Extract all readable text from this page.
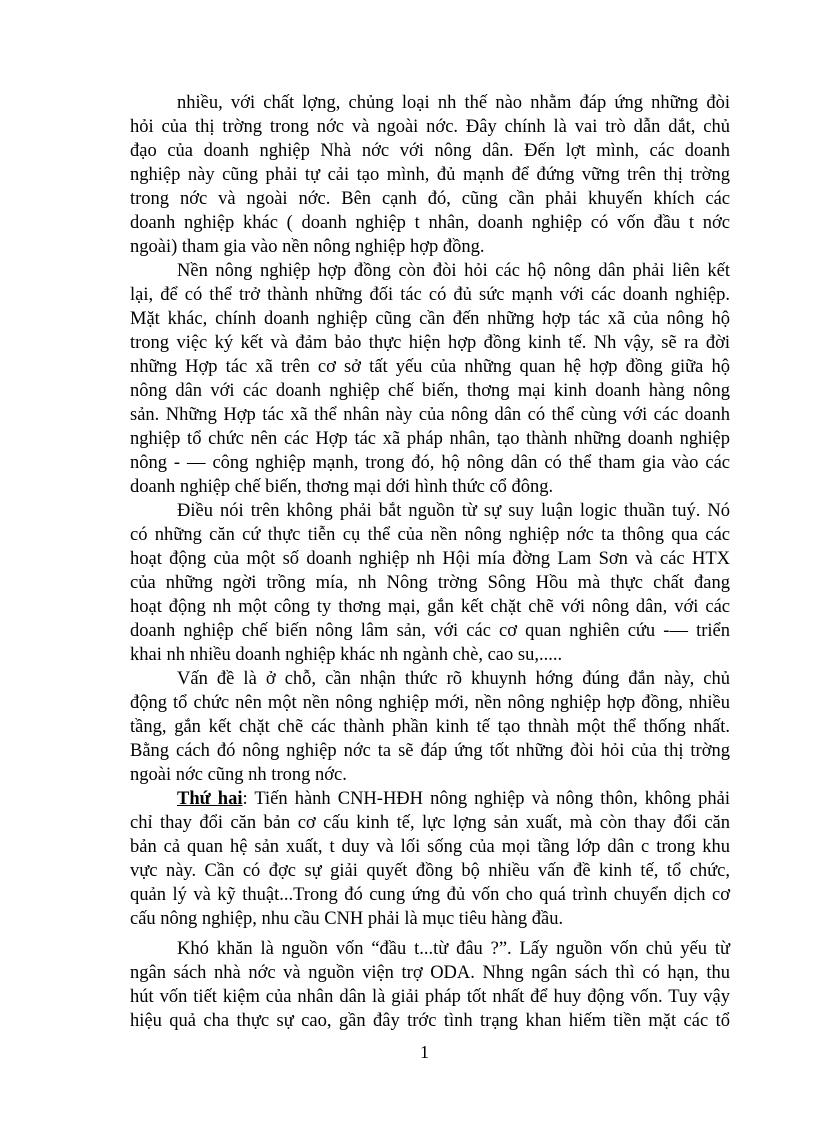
nhiều, với chất lợng, chủng loại nh thế nào nhằm đáp ứng những đòi
hỏi của thị trờng trong nớc và ngoài nớc. Đây chính là vai trò dẫn dắt, chủ
đạo của doanh nghiệp Nhà nớc với nông dân. Đến lợt mình, các doanh
nghiệp này cũng phải tự cải tạo mình, đủ mạnh để đứng vững trên thị trờng
trong nớc và ngoài nớc. Bên cạnh đó, cũng cần phải khuyến khích các
doanh nghiệp khác ( doanh nghiệp t nhân, doanh nghiệp có vốn đầu t nớc
ngoài) tham gia vào nền nông nghiệp hợp đồng.
Nền nông nghiệp hợp đồng còn đòi hỏi các hộ nông dân phải liên kết
lại, để có thể trở thành những đối tác có đủ sức mạnh với các doanh nghiệp.
Mặt khác, chính doanh nghiệp cũng cần đến những hợp tác xã của nông hộ
trong việc ký kết và đảm bảo thực hiện hợp đồng kinh tế. Nh vậy, sẽ ra đời
những Hợp tác xã trên cơ sở tất yếu của những quan hệ hợp đồng giữa hộ
nông dân với các doanh nghiệp chế biến, thơng mại kinh doanh hàng nông
sản. Những Hợp tác xã thể nhân này của nông dân có thể cùng với các doanh
nghiệp tổ chức nên các Hợp tác xã pháp nhân, tạo thành những doanh nghiệp
nông - — công nghiệp mạnh, trong đó, hộ nông dân có thể tham gia vào các
doanh nghiệp chế biến, thơng mại dới hình thức cổ đông.
Điều nói trên không phải bắt nguồn từ sự suy luận logic thuần tuý. Nó
có những căn cứ thực tiễn cụ thể của nền nông nghiệp nớc ta thông qua các
hoạt động của một số doanh nghiệp nh Hội mía đờng Lam Sơn và các HTX
của những ngời trồng mía, nh Nông trờng Sông Hồu mà thực chất đang
hoạt động nh một công ty thơng mại, gắn kết chặt chẽ với nông dân, với các
doanh nghiệp chế biến nông lâm sản, với các cơ quan nghiên cứu -— triển
khai nh nhiều doanh nghiệp khác nh ngành chè, cao su,.....
Vấn đề là ở chỗ, cần nhận thức rõ khuynh hớng đúng đắn này, chủ
động tổ chức nên một nền nông nghiệp mới, nền nông nghiệp hợp đồng, nhiều
tầng, gắn kết chặt chẽ các thành phần kinh tế tạo thnàh một thể thống nhất.
Bằng cách đó nông nghiệp nớc ta sẽ đáp ứng tốt những đòi hỏi của thị trờng
ngoài nớc cũng nh trong nớc.
Thứ hai: Tiến hành CNH-HĐH nông nghiệp và nông thôn, không phải
chỉ thay đổi căn bản cơ cấu kinh tế, lực lợng sản xuất, mà còn thay đổi căn
bản cả quan hệ sản xuất, t duy và lối sống của mọi tầng lớp dân c trong khu
vực này. Cần có đợc sự giải quyết đồng bộ nhiều vấn đề kinh tế, tổ chức,
quản lý và kỹ thuật...Trong đó cung ứng đủ vốn cho quá trình chuyển dịch cơ
cấu nông nghiệp, nhu cầu CNH phải là mục tiêu hàng đầu.
Khó khăn là nguồn vốn “đầu t...từ đâu ?”. Lấy nguồn vốn chủ yếu từ
ngân sách nhà nớc và nguồn viện trợ ODA. Nhng ngân sách thì có hạn, thu
hút vốn tiết kiệm của nhân dân là giải pháp tốt nhất để huy động vốn. Tuy vậy
hiệu quả cha thực sự cao, gần đây trớc tình trạng khan hiếm tiền mặt các tổ
1
